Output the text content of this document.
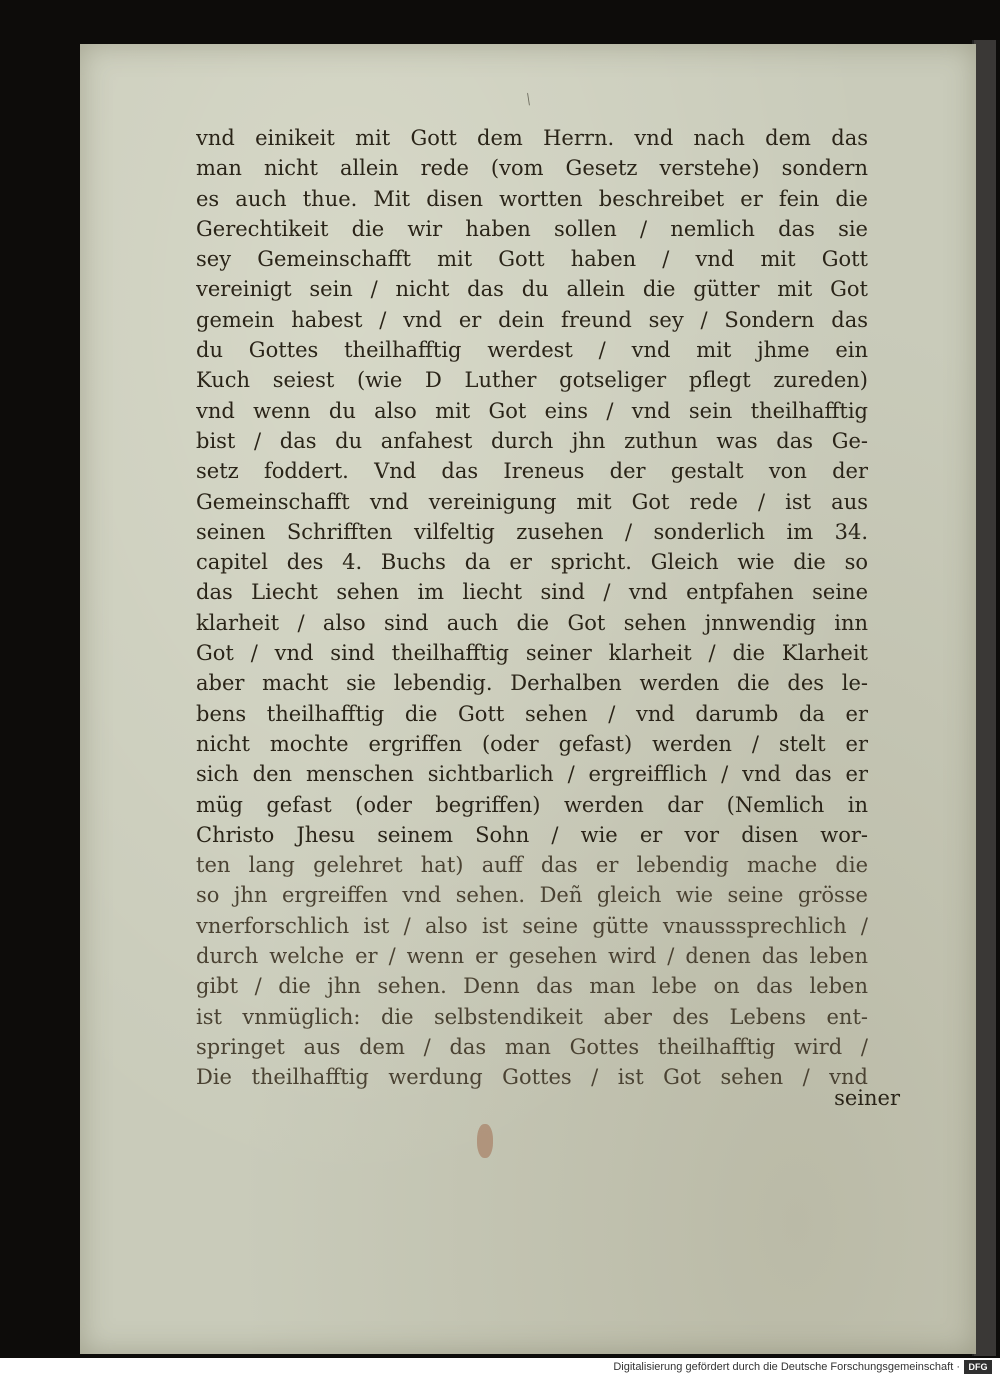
⁄
vnd einikeit mit Gott dem Herrn. vnd nach dem das
man nicht allein rede (vom Gesetz verstehe) sondern
es auch thue. Mit disen wortten beschreibet er fein die
Gerechtikeit die wir haben sollen / nemlich das sie
sey Gemeinschafft mit Gott haben / vnd mit Gott
vereinigt sein / nicht das du allein die gütter mit Got
gemein habest / vnd er dein freund sey / Sondern das
du Gottes theilhafftig werdest / vnd mit jhme ein
Kuch seiest (wie D Luther gotseliger pflegt zureden)
vnd wenn du also mit Got eins / vnd sein theilhafftig
bist / das du anfahest durch jhn zuthun was das Ge-
setz foddert. Vnd das Ireneus der gestalt von der
Gemeinschafft vnd vereinigung mit Got rede / ist aus
seinen Schrifften vilfeltig zusehen / sonderlich im 34.
capitel des 4. Buchs da er spricht. Gleich wie die so
das Liecht sehen im liecht sind / vnd entpfahen seine
klarheit / also sind auch die Got sehen jnnwendig inn
Got / vnd sind theilhafftig seiner klarheit / die Klarheit
aber macht sie lebendig. Derhalben werden die des le-
bens theilhafftig die Gott sehen / vnd darumb da er
nicht mochte ergriffen (oder gefast) werden / stelt er
sich den menschen sichtbarlich / ergreifflich / vnd das er
müg gefast (oder begriffen) werden dar (Nemlich in
Christo Jhesu seinem Sohn / wie er vor disen wor-
ten lang gelehret hat) auff das er lebendig mache die
so jhn ergreiffen vnd sehen. Deñ gleich wie seine grösse
vnerforschlich ist / also ist seine gütte vnausssprechlich /
durch welche er / wenn er gesehen wird / denen das leben
gibt / die jhn sehen. Denn das man lebe on das leben
ist vnmüglich: die selbstendikeit aber des Lebens ent-
springet aus dem / das man Gottes theilhafftig wird /
Die theilhafftig werdung Gottes / ist Got sehen / vnd
seiner
Digitalisierung gefördert durch die Deutsche Forschungsgemeinschaft · DFG
